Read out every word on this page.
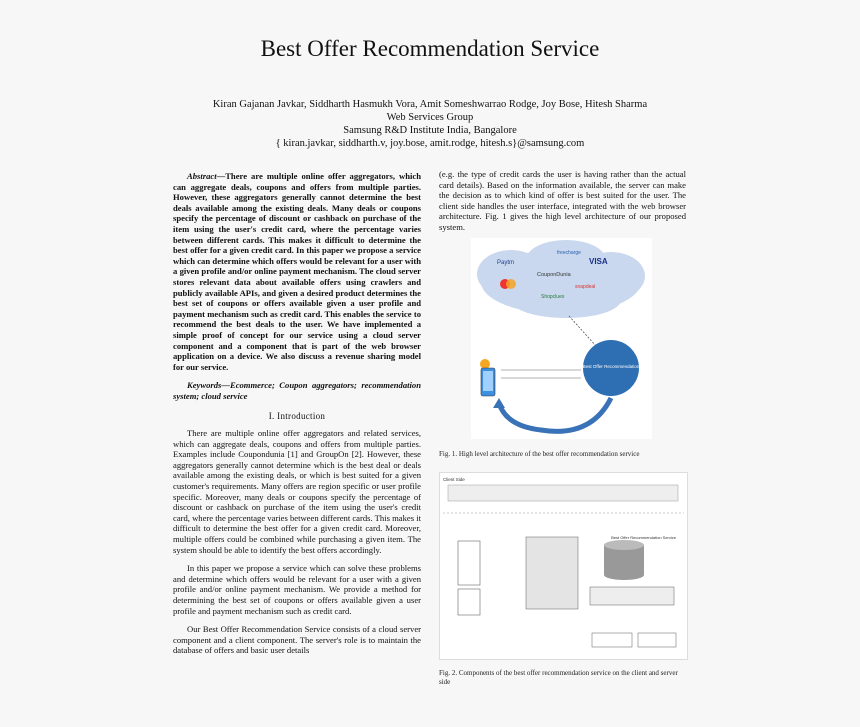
Best Offer Recommendation Service
Kiran Gajanan Javkar, Siddharth Hasmukh Vora, Amit Someshwarrao Rodge, Joy Bose, Hitesh Sharma
Web Services Group
Samsung R&D Institute India, Bangalore
{ kiran.javkar, siddharth.v, joy.bose, amit.rodge, hitesh.s}@samsung.com
Abstract—There are multiple online offer aggregators, which can aggregate deals, coupons and offers from multiple parties. However, these aggregators generally cannot determine the best deals available among the existing deals. Many deals or coupons specify the percentage of discount or cashback on purchase of the item using the user's credit card, where the percentage varies between different cards. This makes it difficult to determine the best offer for a given credit card. In this paper we propose a service which can determine which offers would be relevant for a user with a given profile and/or online payment mechanism. The cloud server stores relevant data about available offers using crawlers and publicly available APIs, and given a desired product determines the best set of coupons or offers available given a user profile and payment mechanism such as credit card. This enables the service to recommend the best deals to the user. We have implemented a simple proof of concept for our service using a cloud server component and a component that is part of the web browser application on a device. We also discuss a revenue sharing model for our service.
Keywords—Ecommerce; Coupon aggregators; recommendation system; cloud service
I. Introduction

There are multiple online offer aggregators and related services, which can aggregate deals, coupons and offers from multiple parties. Examples include Coupondunia [1] and GroupOn [2]. However, these aggregators generally cannot determine which is the best deal or deals available among the existing deals, or which is best suited for a given customer's requirements. Many offers are region specific or user profile specific. Moreover, many deals or coupons specify the percentage of discount or cashback on purchase of the item using the user's credit card, where the percentage varies between different cards. This makes it difficult to determine the best offer for a given credit card. Moreover, multiple offers could be combined while purchasing a given item. The system should be able to identify the best offers accordingly.

In this paper we propose a service which can solve these problems and determine which offers would be relevant for a user with a given profile and/or online payment mechanism. We provide a method for determining the best set of coupons or offers available given a user profile and payment mechanism such as credit card.

Our Best Offer Recommendation Service consists of a cloud server component and a client component. The server's role is to maintain the database of offers and basic user details

(e.g. the type of credit cards the user is having rather than the actual card details). Based on the information available, the server can make the decision as to which kind of offer is best suited for the user. The client side handles the user interface, integrated with the web browser architecture. Fig. 1 gives the high level architecture of our proposed system.
Paytm	VISA
CouponDunia
snapdeal
freecharge
Shopclues
Best Offer Recommendation
Fig. 1. High level architecture of the best offer recommendation service
Client Side
Best Offer Recommendation Service
Fig. 2. Components of the best offer recommendation service on the client and server side
